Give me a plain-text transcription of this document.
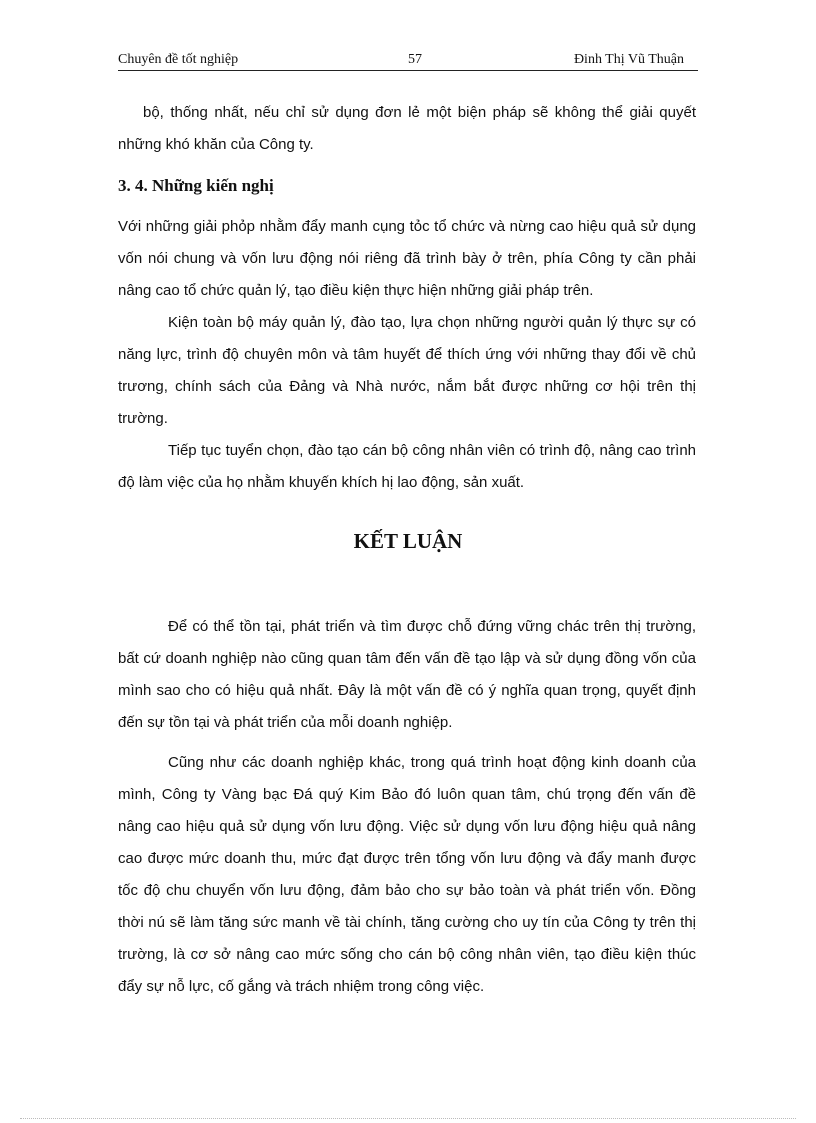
Chuyên đề tốt nghiệp	57	Đinh Thị Vũ Thuận

bộ, thống nhất, nếu chỉ sử dụng đơn lẻ một biện pháp sẽ không thể giải quyết những khó khăn của Công ty.

3. 4. Những kiến nghị

Với những giải phỏp nhằm đẩy manh cụng tỏc tổ chức và nừng cao hiệu quả sử dụng vốn nói chung và vốn lưu động nói riêng đã trình bày ở trên, phía Công ty cần phải nâng cao tổ chức quản lý, tạo điều kiện thực hiện những giải pháp trên.

Kiện toàn bộ máy quản lý, đào tạo, lựa chọn những người quản lý thực sự có năng lực, trình độ chuyên môn và tâm huyết để thích ứng với những thay đổi về chủ trương, chính sách của Đảng và Nhà nước, nắm bắt được những cơ hội trên thị trường.

Tiếp tục tuyển chọn, đào tạo cán bộ công nhân viên có trình độ, nâng cao trình độ làm việc của họ nhằm khuyến khích hị lao động, sản xuất.

KẾT LUẬN

Để có thể tồn tại, phát triển và tìm được chỗ đứng vững chác trên thị trường, bất cứ doanh nghiệp nào cũng quan tâm đến vấn đề tạo lập và sử dụng đồng vốn của mình sao cho có hiệu quả nhất. Đây là một vấn đề có ý nghĩa quan trọng, quyết định đến sự tồn tại và phát triển của mỗi doanh nghiệp.

Cũng như các doanh nghiệp khác, trong quá trình hoạt động kinh doanh của mình, Công ty Vàng bạc Đá quý Kim Bảo đó luôn quan tâm, chú trọng đến vấn đề nâng cao hiệu quả sử dụng vốn lưu động. Việc sử dụng vốn lưu động hiệu quả nâng cao được mức doanh thu, mức đạt được trên tổng vốn lưu động và đẩy manh được tốc độ chu chuyển vốn lưu động, đảm bảo cho sự bảo toàn và phát triển vốn. Đồng thời nú sẽ làm tăng sức manh về tài chính, tăng cường cho uy tín của Công ty trên thị trường, là cơ sở nâng cao mức sống cho cán bộ công nhân viên, tạo điều kiện thúc đẩy sự nỗ lực, cố gắng và trách nhiệm trong công việc.
